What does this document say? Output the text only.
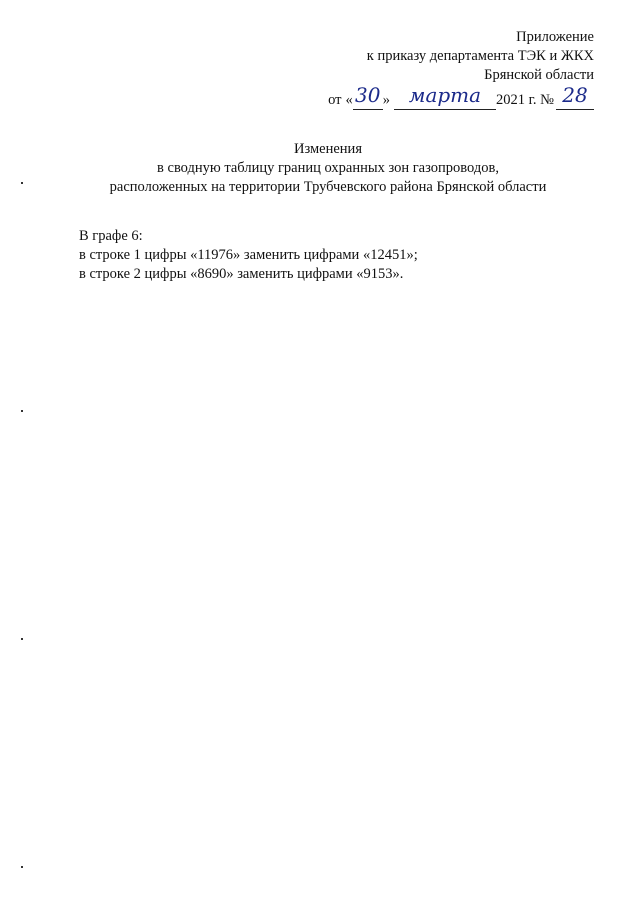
Приложение
к приказу департамента ТЭК и ЖКХ
Брянской области
от « 30 » марта	2021 г. № 28
Изменения
в сводную таблицу границ охранных зон газопроводов,
расположенных на территории Трубчевского района Брянской области
В графе 6:
в строке 1 цифры «11976» заменить цифрами «12451»;
в строке 2 цифры «8690» заменить цифрами «9153».
